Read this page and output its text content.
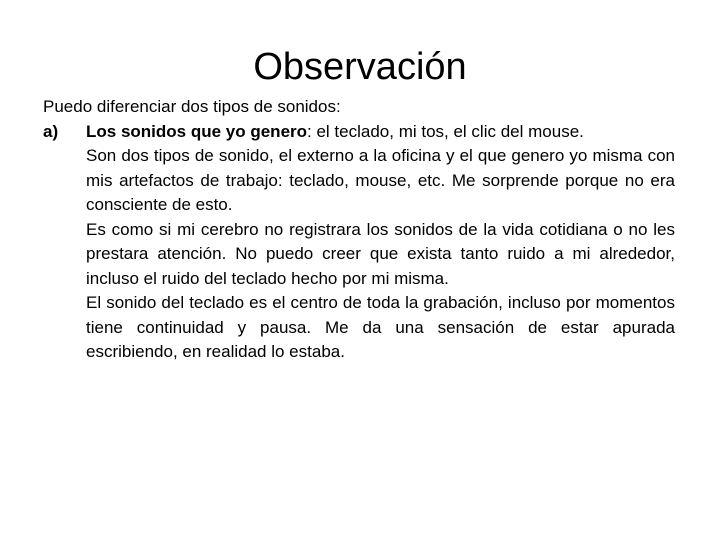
Observación

Puedo diferenciar dos tipos de sonidos:

a)	Los sonidos que yo genero: el teclado, mi tos, el clic del mouse.

Son dos tipos de sonido, el externo a la oficina y el que genero yo misma con mis artefactos de trabajo: teclado, mouse, etc. Me sorprende porque no era consciente de esto.

Es como si mi cerebro no registrara los sonidos de la vida cotidiana o no les prestara atención. No puedo creer que exista tanto ruido a mi alrededor, incluso el ruido del teclado hecho por mi misma.

El sonido del teclado es el centro de toda la grabación, incluso por momentos tiene continuidad y pausa. Me da una sensación de estar apurada escribiendo, en realidad lo estaba.
